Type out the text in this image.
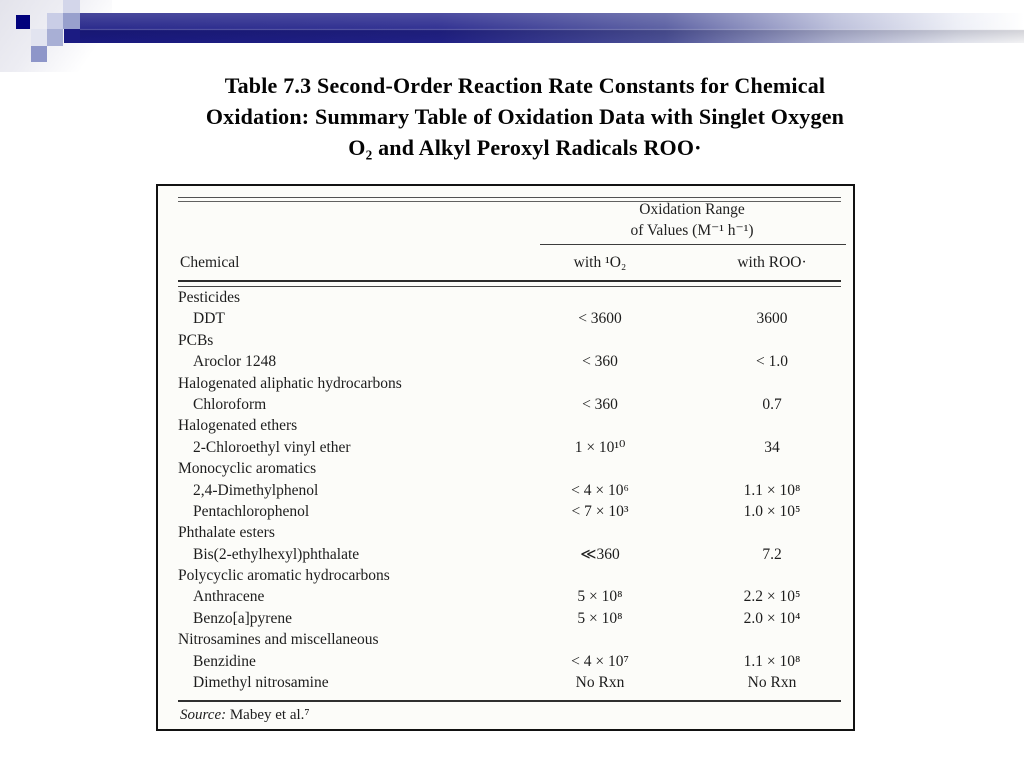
Table 7.3 Second-Order Reaction Rate Constants for Chemical
Oxidation: Summary Table of Oxidation Data with Singlet Oxygen
O₂ and Alkyl Peroxyl Radicals ROO·
Oxidation Range
of Values (M⁻¹ h⁻¹)
Chemical	with ¹O₂	with ROO·
Pesticides
DDT	< 3600	3600
PCBs
Aroclor 1248	< 360	< 1.0
Halogenated aliphatic hydrocarbons
Chloroform	< 360	0.7
Halogenated ethers
2-Chloroethyl vinyl ether	1 × 10¹⁰	34
Monocyclic aromatics
2,4-Dimethylphenol	< 4 × 10⁶	1.1 × 10⁸
Pentachlorophenol	< 7 × 10³	1.0 × 10⁵
Phthalate esters
Bis(2-ethylhexyl)phthalate	≪360	7.2
Polycyclic aromatic hydrocarbons
Anthracene	5 × 10⁸	2.2 × 10⁵
Benzo[a]pyrene	5 × 10⁸	2.0 × 10⁴
Nitrosamines and miscellaneous
Benzidine	< 4 × 10⁷	1.1 × 10⁸
Dimethyl nitrosamine	No Rxn	No Rxn
Source: Mabey et al.⁷
